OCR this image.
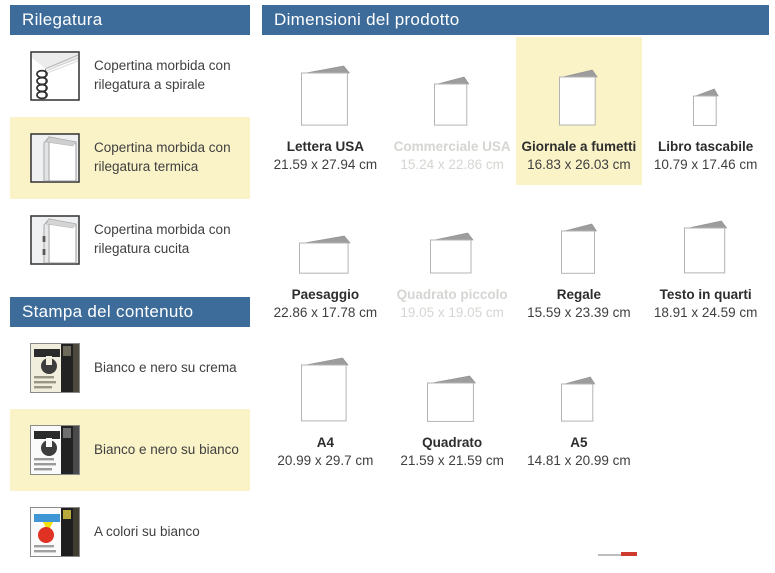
Rilegatura
Copertina morbida con rilegatura a spirale
Copertina morbida con rilegatura termica
Copertina morbida con rilegatura cucita
Stampa del contenuto
Bianco e nero su crema
Bianco e nero su bianco
A colori su bianco
Dimensioni del prodotto
Lettera USA
21.59 x 27.94 cm
Commerciale USA
15.24 x 22.86 cm
Giornale a fumetti
16.83 x 26.03 cm
Libro tascabile
10.79 x 17.46 cm
Paesaggio
22.86 x 17.78 cm
Quadrato piccolo
19.05 x 19.05 cm
Regale
15.59 x 23.39 cm
Testo in quarti
18.91 x 24.59 cm
A4
20.99 x 29.7 cm
Quadrato
21.59 x 21.59 cm
A5
14.81 x 20.99 cm
